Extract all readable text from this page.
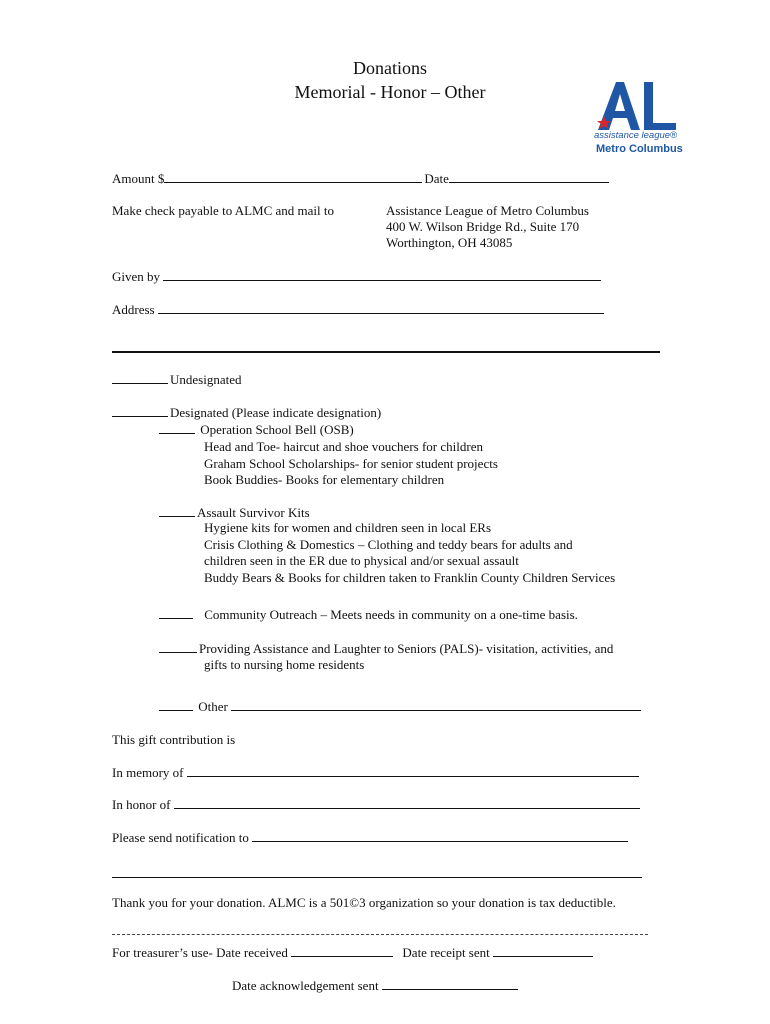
Donations
Memorial - Honor – Other
assistance league®
Metro Columbus
Amount $	Date
Make check payable to ALMC and mail to	Assistance League of Metro Columbus
400 W. Wilson Bridge Rd., Suite 170
Worthington, OH 43085
Given by
Address
Undesignated
Designated (Please indicate designation)
Operation School Bell (OSB)
Head and Toe- haircut and shoe vouchers for children
Graham School Scholarships- for senior student projects
Book Buddies- Books for elementary children
Assault Survivor Kits
Hygiene kits for women and children seen in local ERs
Crisis Clothing & Domestics – Clothing and teddy bears for adults and
children seen in the ER due to physical and/or sexual assault
Buddy Bears & Books for children taken to Franklin County Children Services
Community Outreach – Meets needs in community on a one-time basis.
Providing Assistance and Laughter to Seniors (PALS)- visitation, activities, and
gifts to nursing home residents
Other
This gift contribution is
In memory of
In honor of
Please send notification to
Thank you for your donation. ALMC is a 501©3 organization so your donation is tax deductible.
For treasurer’s use- Date received	Date receipt sent
Date acknowledgement sent
